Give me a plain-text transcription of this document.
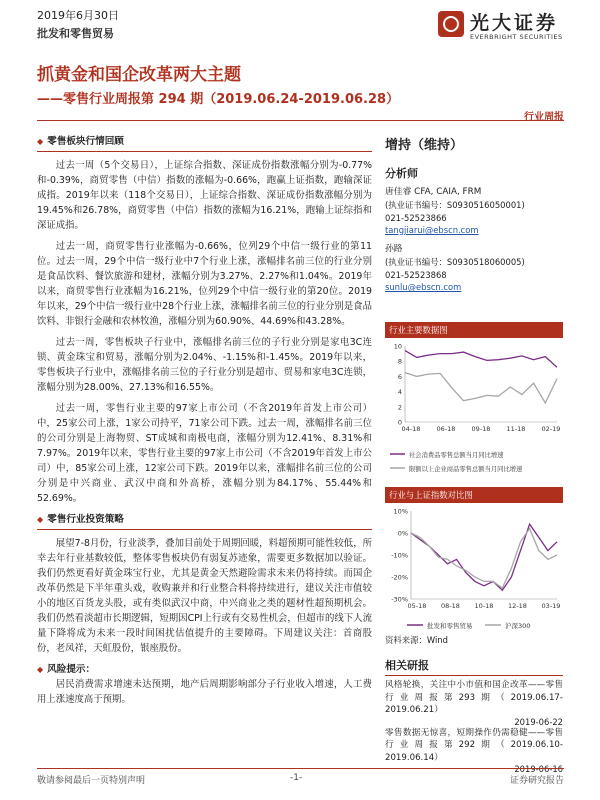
2019年6月30日
批发和零售贸易	光大证券
EVERBRIGHT SECURITIES
抓黄金和国企改革两大主题
——零售行业周报第 294 期（2019.06.24-2019.06.28）
行业周报
◆ 零售板块行情回顾

过去一周（5个交易日），上证综合指数、深证成份指数涨幅分别为-0.77%和-0.39%，商贸零售（中信）指数的涨幅为-0.66%，跑赢上证指数，跑输深证成指。2019年以来（118个交易日），上证综合指数、深证成份指数涨幅分别为19.45%和26.78%，商贸零售（中信）指数的涨幅为16.21%，跑输上证综指和深证成指。

过去一周，商贸零售行业涨幅为-0.66%，位列29个中信一级行业的第11位。过去一周，29个中信一级行业中7个行业上涨，涨幅排名前三位的行业分别是食品饮料、餐饮旅游和建材，涨幅分别为3.27%、2.27%和1.04%。2019年以来，商贸零售行业涨幅为16.21%，位列29个中信一级行业的第20位。2019年以来，29个中信一级行业中28个行业上涨，涨幅排名前三位的行业分别是食品饮料、非银行金融和农林牧渔，涨幅分别为60.90%、44.69%和43.28%。

过去一周，零售板块子行业中，涨幅排名前三位的子行业分别是家电3C连锁、黄金珠宝和贸易，涨幅分别为2.04%、-1.15%和-1.45%。2019年以来，零售板块子行业中，涨幅排名前三位的子行业分别是超市、贸易和家电3C连锁，涨幅分别为28.00%、27.13%和16.55%。

过去一周，零售行业主要的97家上市公司（不含2019年首发上市公司）中，25家公司上涨，1家公司持平，71家公司下跌。过去一周，涨幅排名前三位的公司分别是上海物贸、ST成城和南极电商，涨幅分别为12.41%、8.31%和7.97%。2019年以来，零售行业主要的97家上市公司（不含2019年首发上市公司）中，85家公司上涨，12家公司下跌。2019年以来，涨幅排名前三位的公司分别是中兴商业、武汉中商和外高桥，涨幅分别为84.17%、55.44%和52.69%。

◆ 零售行业投资策略

展望7-8月份，行业淡季，叠加目前处于周期回暖，料超预期可能性较低，所幸去年行业基数较低，整体零售板块仍有弱复苏迹象，需要更多数据加以验证。我们仍然更看好黄金珠宝行业，尤其是黄金天然避险需求未来仍将持续。而国企改革仍然是下半年重头戏，收购兼并和行业整合料将持续进行，建议关注市值较小的地区百货龙头股，或有类似武汉中商，中兴商业之类的题材性超预期机会。我们仍然看淡超市长期逻辑，短期因CPI上行或有交易性机会，但超市的线下人流量下降将成为未来一段时间困扰估值提升的主要障碍。下周建议关注：首商股份，老凤祥，天虹股份，银座股份。

◆ 风险提示：

居民消费需求增速未达预期，地产后周期影响部分子行业收入增速，人工费用上涨速度高于预期。

增持（维持）
分析师
唐佳睿 CFA, CAIA, FRM
(执业证书编号：S0930516050001)
021-52523866
tangjiarui@ebscn.com
孙路
(执业证书编号：S0930518060005)
021-52523868
sunlu@ebscn.com
行业主要数据图
04-18 06-18 09-18 11-18 02-19
10
8
6
4
2
0
社会消费品零售总额当月同比增速
限额以上企业商品零售总额当月同比增速
行业与上证指数对比图
05-18 08-18 10-18 12-18 03-19
10%
0%
-10%
-20%
-30%
批发和零售贸易	沪深300
资料来源：Wind
相关研报
风格轮换，关注中小市值和国企改革——零售行业周报第293期（2019.06.17-2019.06.21）
2019-06-22
零售数据无惊喜，短期操作仍需稳健——零售行业周报第292期（2019.06.10-2019.06.14）
2019-06-16
敬请参阅最后一页特别声明	-1-	证券研究报告
